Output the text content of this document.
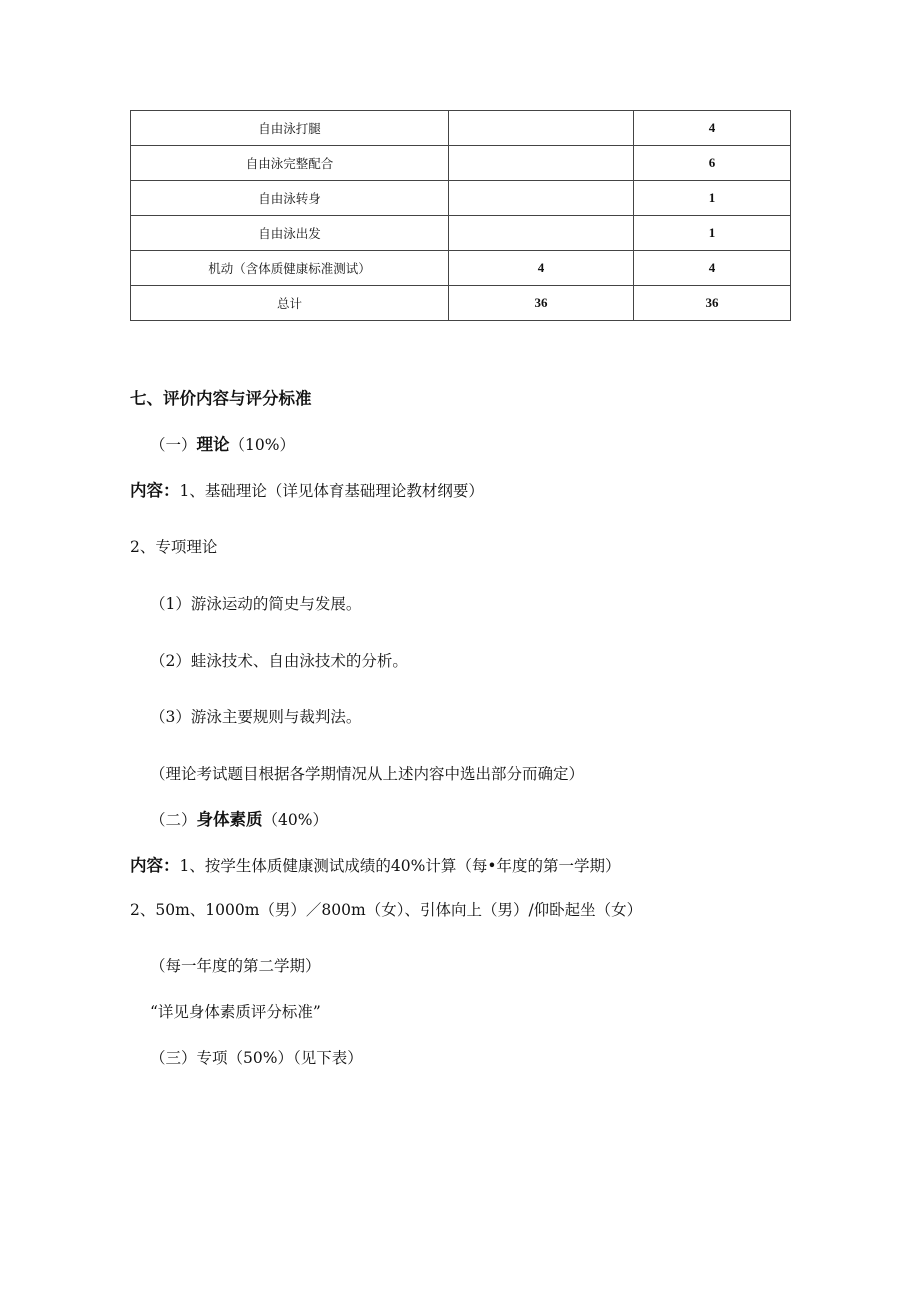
自由泳打腿		4
自由泳完整配合		6
自由泳转身		1
自由泳出发		1
机动（含体质健康标准测试）	4	4
总计	36	36
七、评价内容与评分标准
（一）理论（10%）
内容：1、基础理论（详见体育基础理论教材纲要）
2、专项理论
（1）游泳运动的简史与发展。
（2）蛙泳技术、自由泳技术的分析。
（3）游泳主要规则与裁判法。
（理论考试题目根据各学期情况从上述内容中选出部分而确定）
（二）身体素质（40%）
内容：1、按学生体质健康测试成绩的40%计算（每•年度的第一学期）
2、50m、1000m（男）／800m（女）、引体向上（男）/仰卧起坐（女）
（每一年度的第二学期）
“详见身体素质评分标准”
（三）专项（50%）（见下表）
